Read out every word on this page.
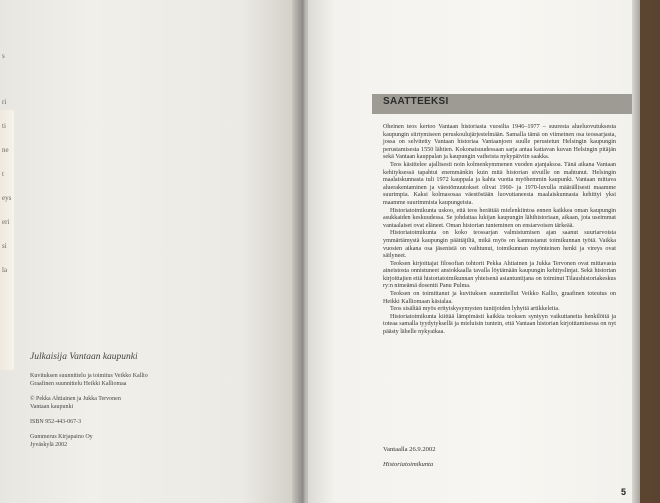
s
ri
ti
ne
t
eys
eri
si
la
Julkaisija Vantaan kaupunki
Kuvituksen suunnittelu ja toimitus Veikko Kallio
Graafinen suunnittelu Heikki Kalliomaa
© Pekka Ahtiainen ja Jukka Tervonen
Vantaan kaupunki
ISBN 952-443-067-3
Gummerus Kirjapaino Oy
Jyväskylä 2002
SAATTEEKSI

Oheinen teos kertoo Vantaan historiasta vuosilta 1946–1977 – suuresta alueluovutuksesta kaupungin siirtymiseen peruskoulujärjestelmään. Samalla tämä on viimeinen osa teossarjasta, jossa on selvitetty Vantaan historiaa Vantaanjoen suulle perustetun Helsingin kaupungin perustamisesta 1550 lähtien. Kokonaisuudessaan sarja antaa kattavan kuvan Helsingin pitäjän sekä Vantaan kauppalan ja kaupungin vaiheista nykypäiviin saakka.

Teos käsittelee ajallisesti noin kolmenkymmenen vuoden ajanjaksoa. Tänä aikana Vantaan kehityksessä tapahtui enemmänkin kuin mitä historian sivuille on mahtunut. Helsingin maalaiskunnasta tuli 1972 kauppala ja kahta vuotta myöhemmin kaupunki. Vantaan mittava aluerakentaminen ja väestömuutokset olivat 1960- ja 1970-luvulla määrällisesti maamme suurimpia. Kaksi kolmasosaa väestöstään luovuttaneesta maalaiskunnasta kehittyi yksi maamme suurimmista kaupungeista.

Historiatoimikunta uskoo, että teos herättää mielenkiintoa ennen kaikkea oman kaupungin asukkaiden keskuudessa. Se johdattaa lukijan kaupungin lähihistoriaan, aikaan, jota useimmat vantaalaiset ovat eläneet. Oman historian tunteminen on ensiarvoisen tärkeää.

Historiatoimikunta on koko teossarjan valmistumisen ajan saanut suuriarvoista ymmärtämystä kaupungin päättäjiltä, mikä myös on kannustanut toimikunnan työtä. Vaikka vuosien aikana osa jäsenistä on vaihtunut, toimikunnan myönteinen henki ja vireys ovat säilyneet.

Teoksen kirjoittajat filosofian tohtorit Pekka Ahtiainen ja Jukka Tervonen ovat mittavasta aineistosta onnistuneet ansiokkaalla tavalla löytämään kaupungin kehityslinjat. Sekä historian kirjoittajien että historiatoimikunnan yhteisenä asiantuntijana on toiminut Tilaushistoriakeskus ry:n nimeämä dosentti Panu Pulma.

Teoksen on toimittanut ja kuvituksen suunnitellut Veikko Kallio, graafinen toteutus on Heikki Kalliomaan käsialaa.

Teos sisältää myös erityiskysymysten tuntijoiden lyhyitä artikkeleita.

Historiatoimikunta kiittää lämpimästi kaikkia teoksen syntyyn vaikuttaneita henkilöitä ja toteaa samalla tyydytyksellä ja mieluisin tuntein, että Vantaan historian kirjoittamisessa on nyt päästy lähelle nykyaikaa.

Vantaalla 26.9.2002
Historiatoimikunta
5
